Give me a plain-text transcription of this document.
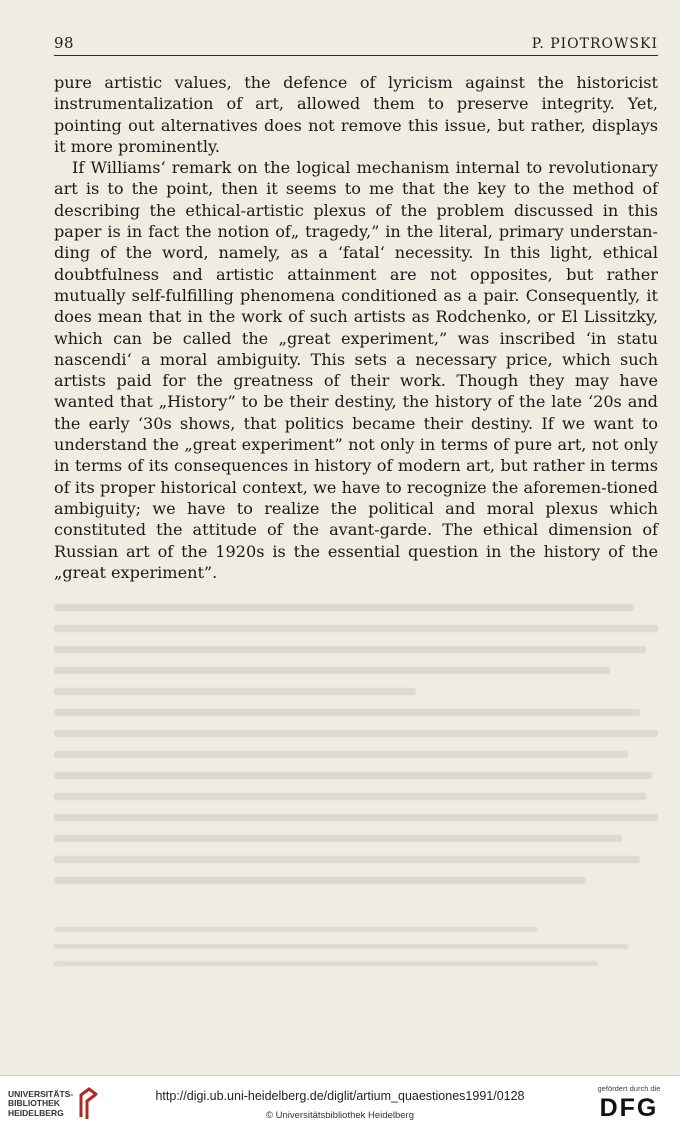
98	P. PIOTROWSKI

pure artistic values, the defence of lyricism against the historicist instrumentalization of art, allowed them to preserve integrity. Yet, pointing out alternatives does not remove this issue, but rather, displays it more prominently.

If Williams‘ remark on the logical mechanism internal to revolutionary art is to the point, then it seems to me that the key to the method of describing the ethical-artistic plexus of the problem discussed in this paper is in fact the notion of„ tragedy,” in the literal, primary understan-ding of the word, namely, as a ‘fatal‘ necessity. In this light, ethical doubtfulness and artistic attainment are not opposites, but rather mutually self-fulfilling phenomena conditioned as a pair. Consequently, it does mean that in the work of such artists as Rodchenko, or El Lissitzky, which can be called the „great experiment,” was inscribed ‘in statu nascendi‘ a moral ambiguity. This sets a necessary price, which such artists paid for the greatness of their work. Though they may have wanted that „History” to be their destiny, the history of the late ‘20s and the early ‘30s shows, that politics became their destiny. If we want to understand the „great experiment” not only in terms of pure art, not only in terms of its consequences in history of modern art, but rather in terms of its proper historical context, we have to recognize the aforemen-tioned ambiguity; we have to realize the political and moral plexus which constituted the attitude of the avant-garde. The ethical dimension of Russian art of the 1920s is the essential question in the history of the „great experiment”.

UNIVERSITÄTS-
BIBLIOTHEK
HEIDELBERG
http://digi.ub.uni-heidelberg.de/diglit/artium_quaestiones1991/0128
© Universitätsbibliothek Heidelberg
gefördert durch die
DFG
